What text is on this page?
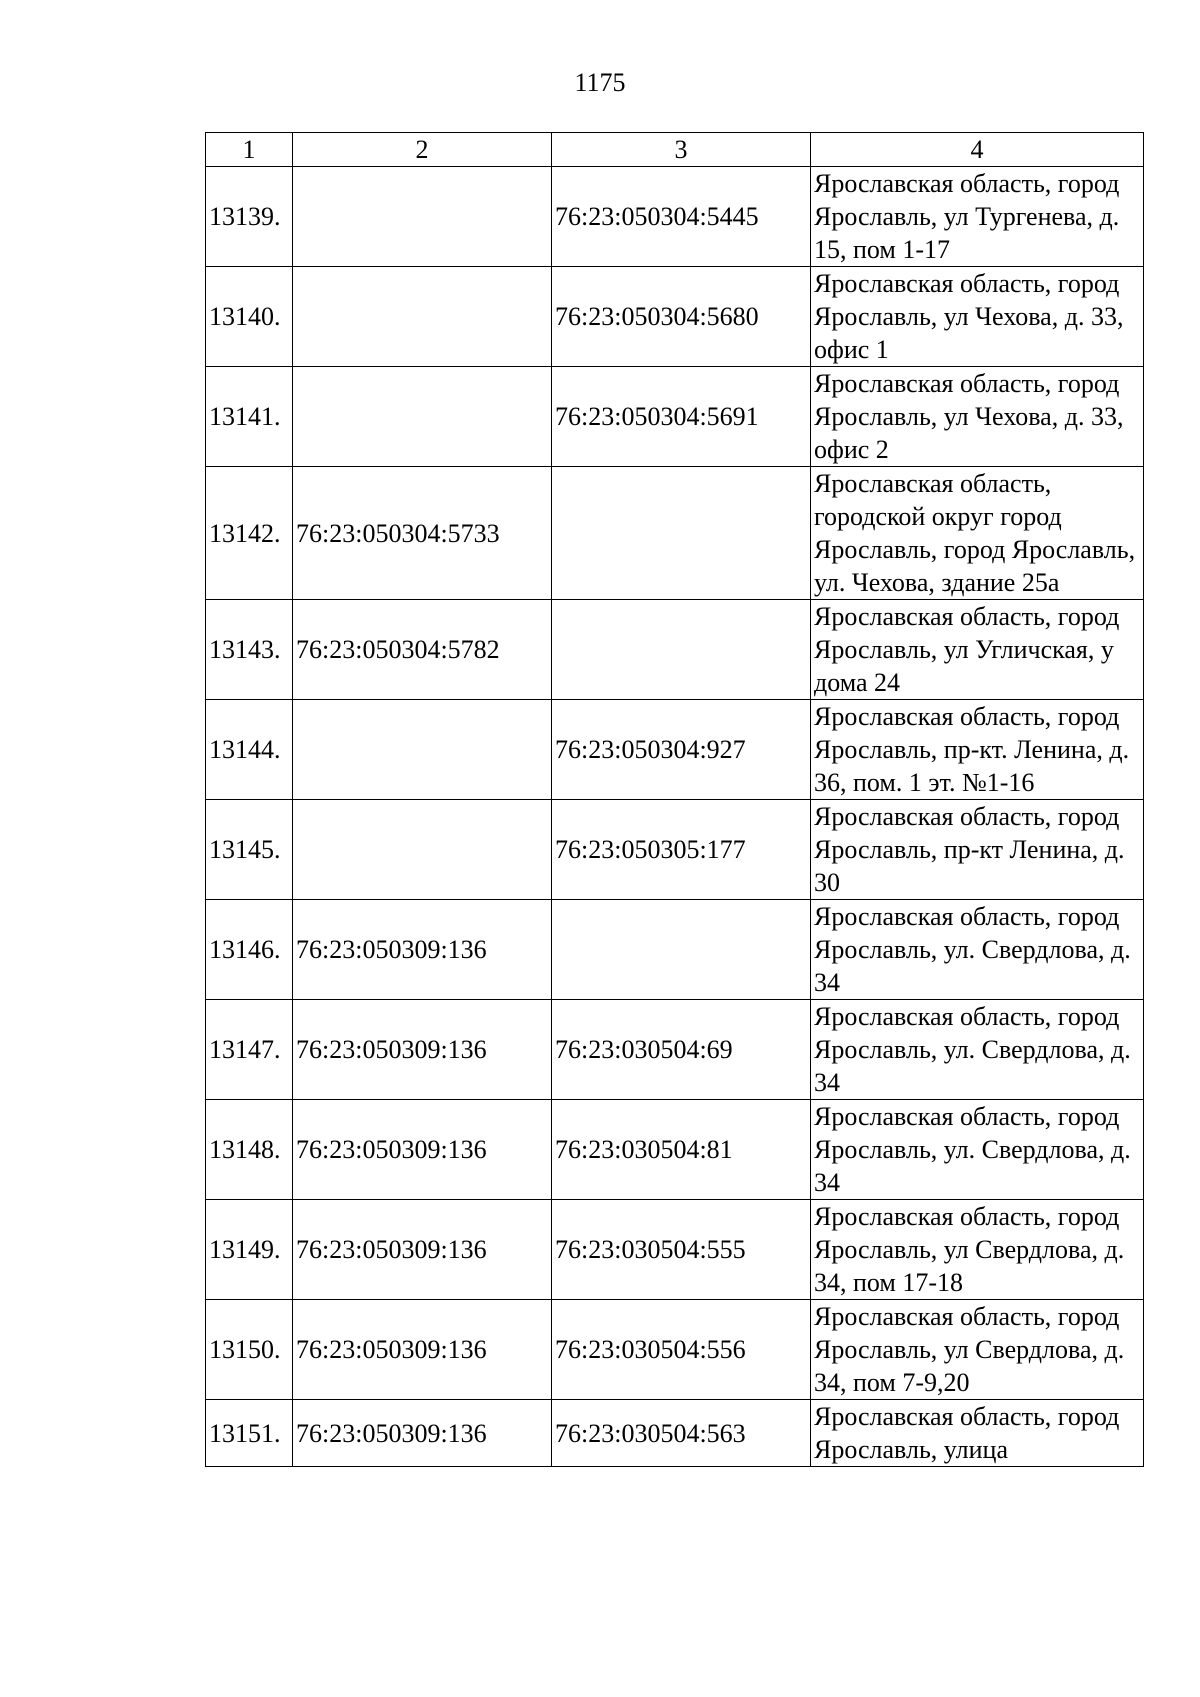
1175
1	2	3	4
13139.		76:23:050304:5445	Ярославская область, город Ярославль, ул Тургенева, д. 15, пом 1-17
13140.		76:23:050304:5680	Ярославская область, город Ярославль, ул Чехова, д. 33, офис 1
13141.		76:23:050304:5691	Ярославская область, город Ярославль, ул Чехова, д. 33, офис 2
13142.	76:23:050304:5733		Ярославская область, городской округ город Ярославль, город Ярославль, ул. Чехова, здание 25а
13143.	76:23:050304:5782		Ярославская область, город Ярославль, ул Угличская, у дома 24
13144.		76:23:050304:927	Ярославская область, город Ярославль, пр-кт. Ленина, д. 36, пом. 1 эт. №1-16
13145.		76:23:050305:177	Ярославская область, город Ярославль, пр-кт Ленина, д. 30
13146.	76:23:050309:136		Ярославская область, город Ярославль, ул. Свердлова, д. 34
13147.	76:23:050309:136	76:23:030504:69	Ярославская область, город Ярославль, ул. Свердлова, д. 34
13148.	76:23:050309:136	76:23:030504:81	Ярославская область, город Ярославль, ул. Свердлова, д. 34
13149.	76:23:050309:136	76:23:030504:555	Ярославская область, город Ярославль, ул Свердлова, д. 34, пом 17-18
13150.	76:23:050309:136	76:23:030504:556	Ярославская область, город Ярославль, ул Свердлова, д. 34, пом 7-9,20
13151.	76:23:050309:136	76:23:030504:563	Ярославская область, город Ярославль, улица
